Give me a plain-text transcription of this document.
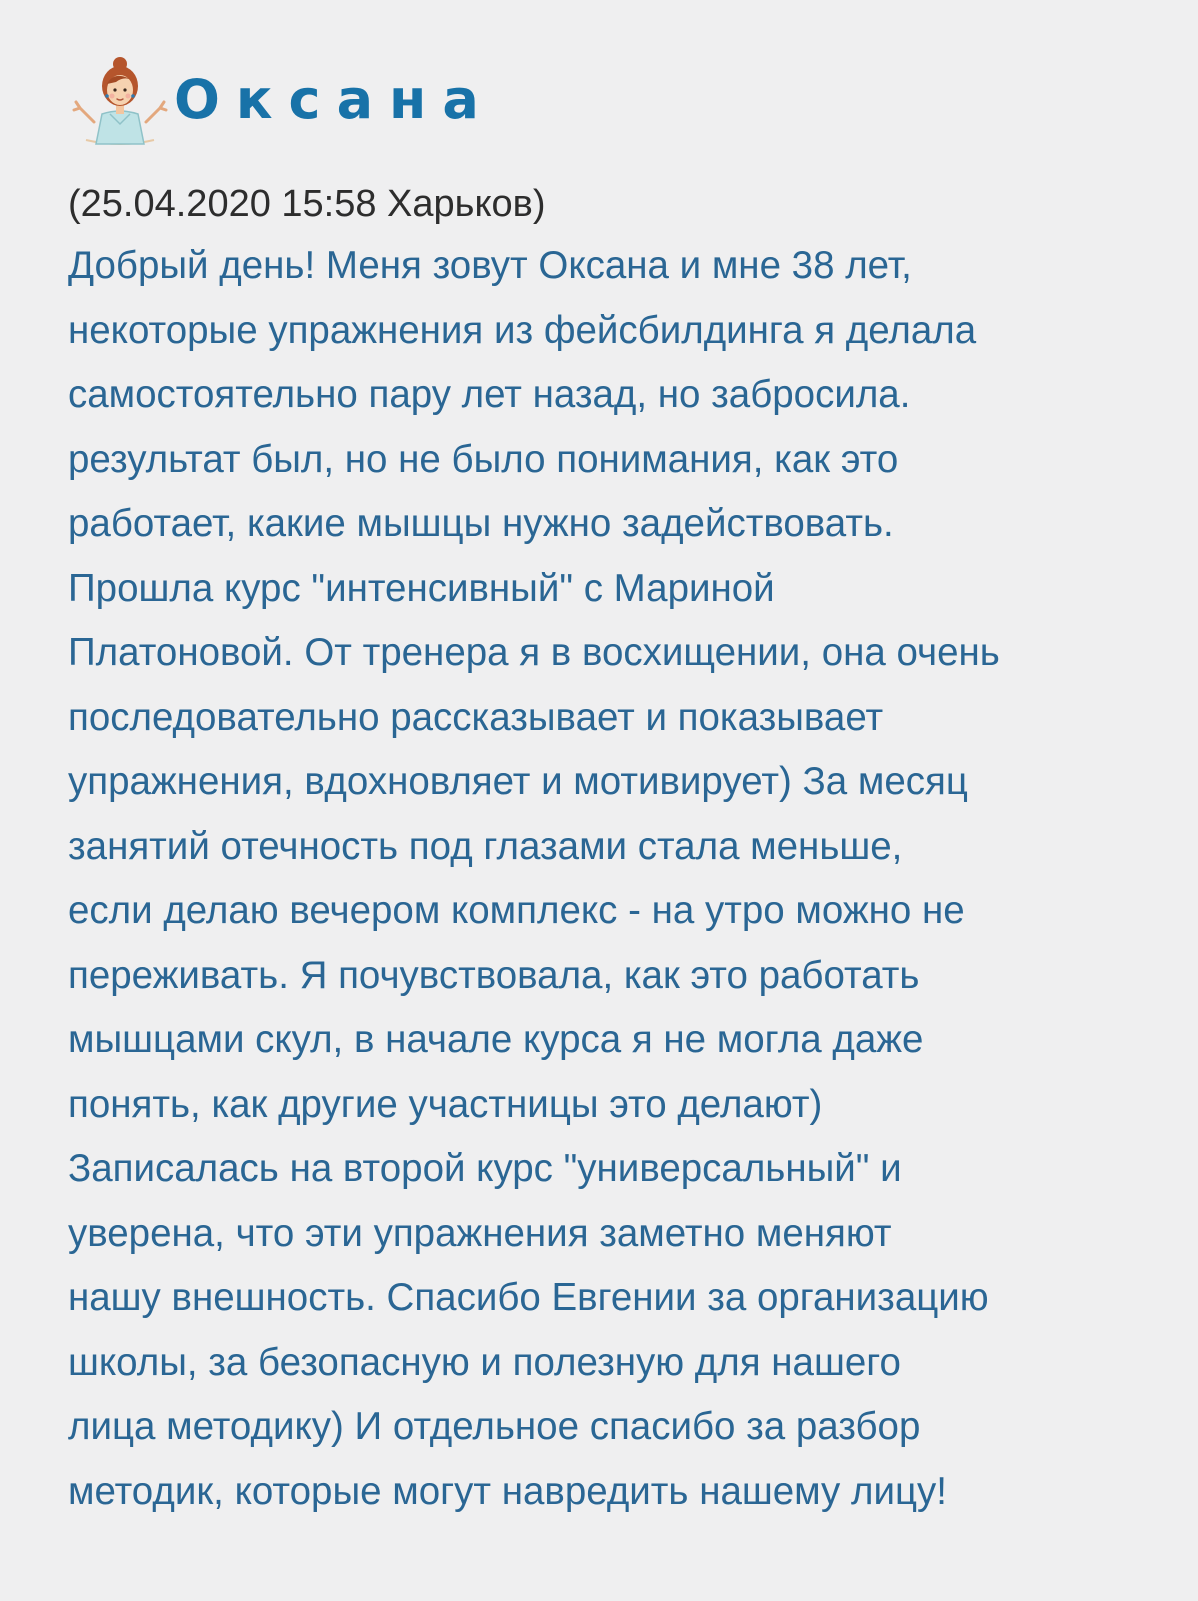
Оксана
(25.04.2020 15:58 Харьков)
Добрый день! Меня зовут Оксана и мне 38 лет,
некоторые упражнения из фейсбилдинга я делала
самостоятельно пару лет назад, но забросила.
результат был, но не было понимания, как это
работает, какие мышцы нужно задействовать.
Прошла курс "интенсивный" с Мариной
Платоновой. От тренера я в восхищении, она очень
последовательно рассказывает и показывает
упражнения, вдохновляет и мотивирует) За месяц
занятий отечность под глазами стала меньше,
если делаю вечером комплекс - на утро можно не
переживать. Я почувствовала, как это работать
мышцами скул, в начале курса я не могла даже
понять, как другие участницы это делают)
Записалась на второй курс "универсальный" и
уверена, что эти упражнения заметно меняют
нашу внешность. Спасибо Евгении за организацию
школы, за безопасную и полезную для нашего
лица методику) И отдельное спасибо за разбор
методик, которые могут навредить нашему лицу!
